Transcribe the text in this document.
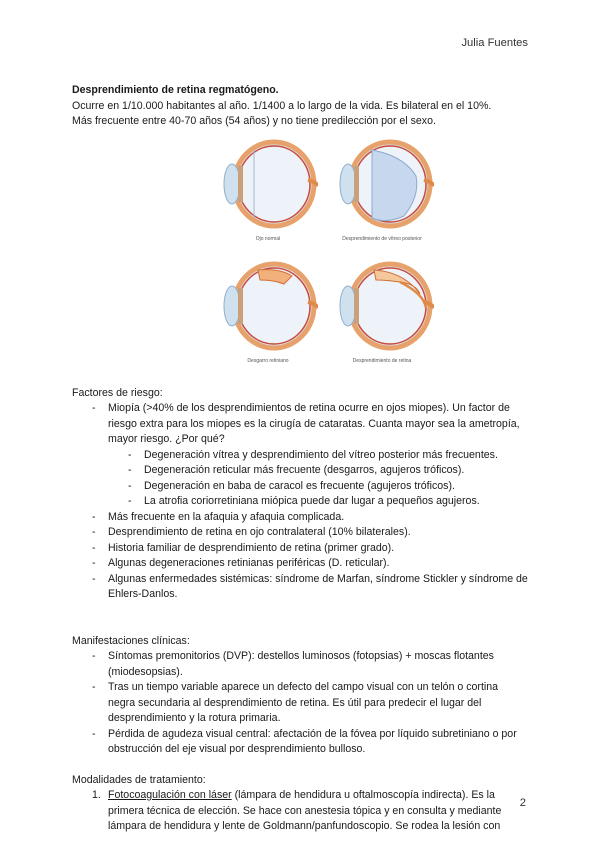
Julia Fuentes

Desprendimiento de retina regmatógeno.

Ocurre en 1/10.000 habitantes al año. 1/1400 a lo largo de la vida. Es bilateral en el 10%.

Más frecuente entre 40-70 años (54 años) y no tiene predilección por el sexo.

Ojo normal	Desprendimiento de vítreo posterior
Desgarro retiniano	Desprendimiento de retina

Factores de riesgo:

- Miopía (>40% de los desprendimientos de retina ocurre en ojos miopes). Un factor de riesgo extra para los miopes es la cirugía de cataratas. Cuanta mayor sea la ametropía, mayor riesgo. ¿Por qué?
- Degeneración vítrea y desprendimiento del vítreo posterior más frecuentes.
- Degeneración reticular más frecuente (desgarros, agujeros tróficos).
- Degeneración en baba de caracol es frecuente (agujeros tróficos).
- La atrofia coriorretiniana miópica puede dar lugar a pequeños agujeros.
- Más frecuente en la afaquia y afaquia complicada.
- Desprendimiento de retina en ojo contralateral (10% bilaterales).
- Historia familiar de desprendimiento de retina (primer grado).
- Algunas degeneraciones retinianas periféricas (D. reticular).
- Algunas enfermedades sistémicas: síndrome de Marfan, síndrome Stickler y síndrome de Ehlers-Danlos.

Manifestaciones clínicas:

- Síntomas premonitorios (DVP): destellos luminosos (fotopsias) + moscas flotantes (miodesopsias).
- Tras un tiempo variable aparece un defecto del campo visual con un telón o cortina negra secundaria al desprendimiento de retina. Es útil para predecir el lugar del desprendimiento y la rotura primaria.
- Pérdida de agudeza visual central: afectación de la fóvea por líquido subretiniano o por obstrucción del eje visual por desprendimiento bulloso.

Modalidades de tratamiento:

1. Fotocoagulación con láser (lámpara de hendidura u oftalmoscopía indirecta). Es la primera técnica de elección. Se hace con anestesia tópica y en consulta y mediante lámpara de hendidura y lente de Goldmann/panfundoscopio. Se rodea la lesión con
2
